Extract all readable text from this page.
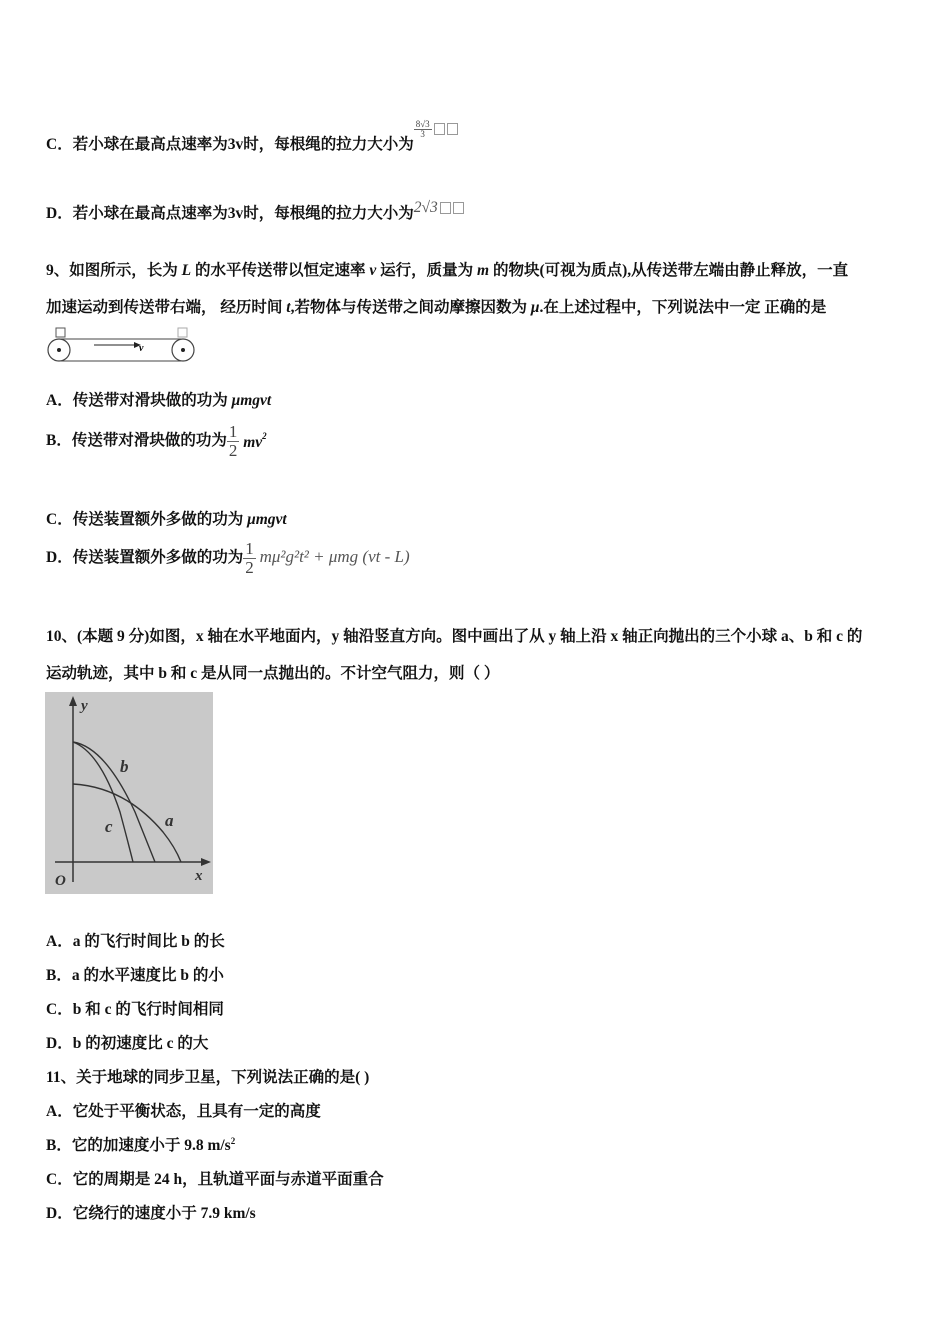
C．若小球在最高点速率为3v时，每根绳的拉力大小为
$\frac{8√3}{3}$
D．若小球在最高点速率为3v时，每根绳的拉力大小为2√3
9、如图所示，长为 L 的水平传送带以恒定速率 v 运行，质量为 m 的物块(可视为质点),从传送带左端由静止释放，一直
加速运动到传送带右端， 经历时间 t,若物体与传送带之间动摩擦因数为 μ.在上述过程中，下列说法中一定 正确的是
v
A．传送带对滑块做的功为 μmgvt
B．传送带对滑块做的功为 $\frac{1}{2} mv^2$
C．传送装置额外多做的功为 μmgvt
D．传送装置额外多做的功为 $\frac{1}{2} m\mu^2g^2t^2 + \mu mg$ (vt - L)
10、(本题 9 分)如图，x 轴在水平地面内，y 轴沿竖直方向。图中画出了从 y 轴上沿 x 轴正向抛出的三个小球 a、b 和 c 的
运动轨迹，其中 b 和 c 是从同一点抛出的。不计空气阻力，则（ ）
y
x
O
b
c	a
A．a 的飞行时间比 b 的长
B．a 的水平速度比 b 的小
C．b 和 c 的飞行时间相同
D．b 的初速度比 c 的大
11、关于地球的同步卫星，下列说法正确的是( )
A．它处于平衡状态，且具有一定的高度
B．它的加速度小于 9.8 $m/s^2$
C．它的周期是 24 h，且轨道平面与赤道平面重合
D．它绕行的速度小于 7.9 km/s
